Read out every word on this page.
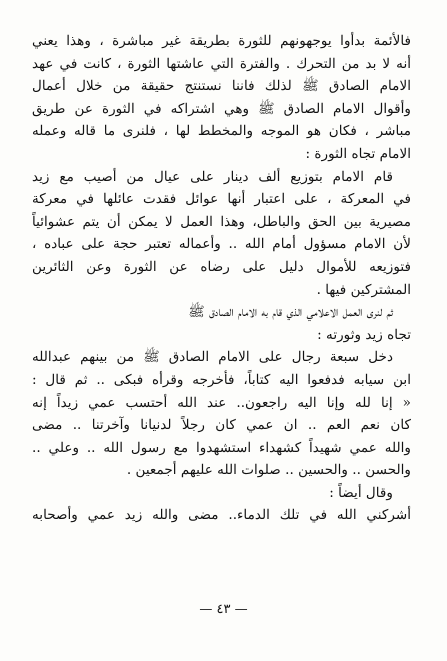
فالأئمة بدأوا يوجهونهم للثورة بطريقة غير مباشرة ، وهذا يعني
أنه لا بد من التحرك . والفترة التي عاشتها الثورة ، كانت في عهد
الامام الصادق ﷺ لذلك فاننا نستنتج حقيقة من خلال أعمال
وأقوال الامام الصادق ﷺ وهي اشتراكه في الثورة عن طريق
مباشر ، فكان هو الموجه والمخطط لها ، فلنرى ما قاله وعمله
الامام تجاه الثورة :
قام الامام بتوزيع ألف دينار على عيال من أصيب مع زيد
في المعركة ، على اعتبار أنها عوائل فقدت عائلها في معركة
مصيرية بين الحق والباطل، وهذا العمل لا يمكن أن يتم عشوائياً
لأن الامام مسؤول أمام الله .. وأعماله تعتبر حجة على عباده ،
فتوزيعه للأموال دليل على رضاه عن الثورة وعن الثائرين
المشتركين فيها .
ثم لنرى العمل الاعلامي الذي قام به الامام الصادق ﷺ
تجاه زيد وثورته :
دخل سبعة رجال على الامام الصادق ﷺ من بينهم عبدالله
ابن سيابه فدفعوا اليه كتاباً، فأخرجه وقرأه فبكى .. ثم قال :
« إنا لله وإنا اليه راجعون.. عند الله أحتسب عمي زيداً إنه
كان نعم العم .. ان عمي كان رجلاً لدنيانا وآخرتنا .. مضى
والله عمي شهيداً كشهداء استشهدوا مع رسول الله .. وعلي ..
والحسن .. والحسين .. صلوات الله عليهم أجمعين .
وقال أيضاً :
أشركني الله في تلك الدماء.. مضى والله زيد عمي وأصحابه
— ٤٣ —
